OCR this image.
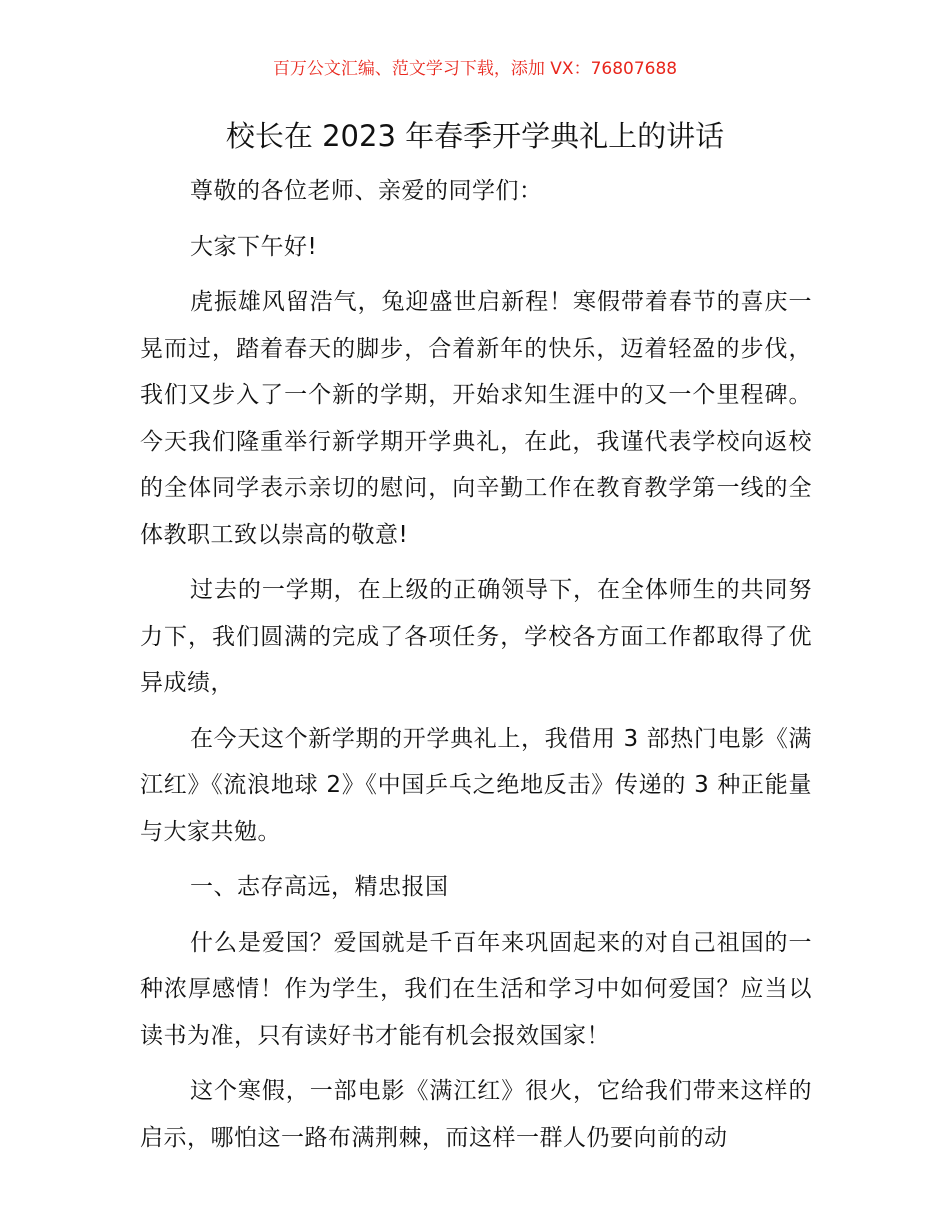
百万公文汇编、范文学习下载，添加 VX：76807688
校长在 2023 年春季开学典礼上的讲话

尊敬的各位老师、亲爱的同学们：

大家下午好!

虎振雄风留浩气，兔迎盛世启新程！寒假带着春节的喜庆一晃而过，踏着春天的脚步，合着新年的快乐，迈着轻盈的步伐，我们又步入了一个新的学期，开始求知生涯中的又一个里程碑。今天我们隆重举行新学期开学典礼，在此，我谨代表学校向返校的全体同学表示亲切的慰问，向辛勤工作在教育教学第一线的全体教职工致以崇高的敬意!

过去的一学期，在上级的正确领导下，在全体师生的共同努力下，我们圆满的完成了各项任务，学校各方面工作都取得了优异成绩，

在今天这个新学期的开学典礼上，我借用 3 部热门电影《满江红》《流浪地球 2》《中国乒乓之绝地反击》传递的 3 种正能量与大家共勉。

一、志存高远，精忠报国

什么是爱国？爱国就是千百年来巩固起来的对自己祖国的一种浓厚感情！作为学生，我们在生活和学习中如何爱国？应当以读书为准，只有读好书才能有机会报效国家！

这个寒假，一部电影《满江红》很火，它给我们带来这样的启示，哪怕这一路布满荆棘，而这样一群人仍要向前的动
